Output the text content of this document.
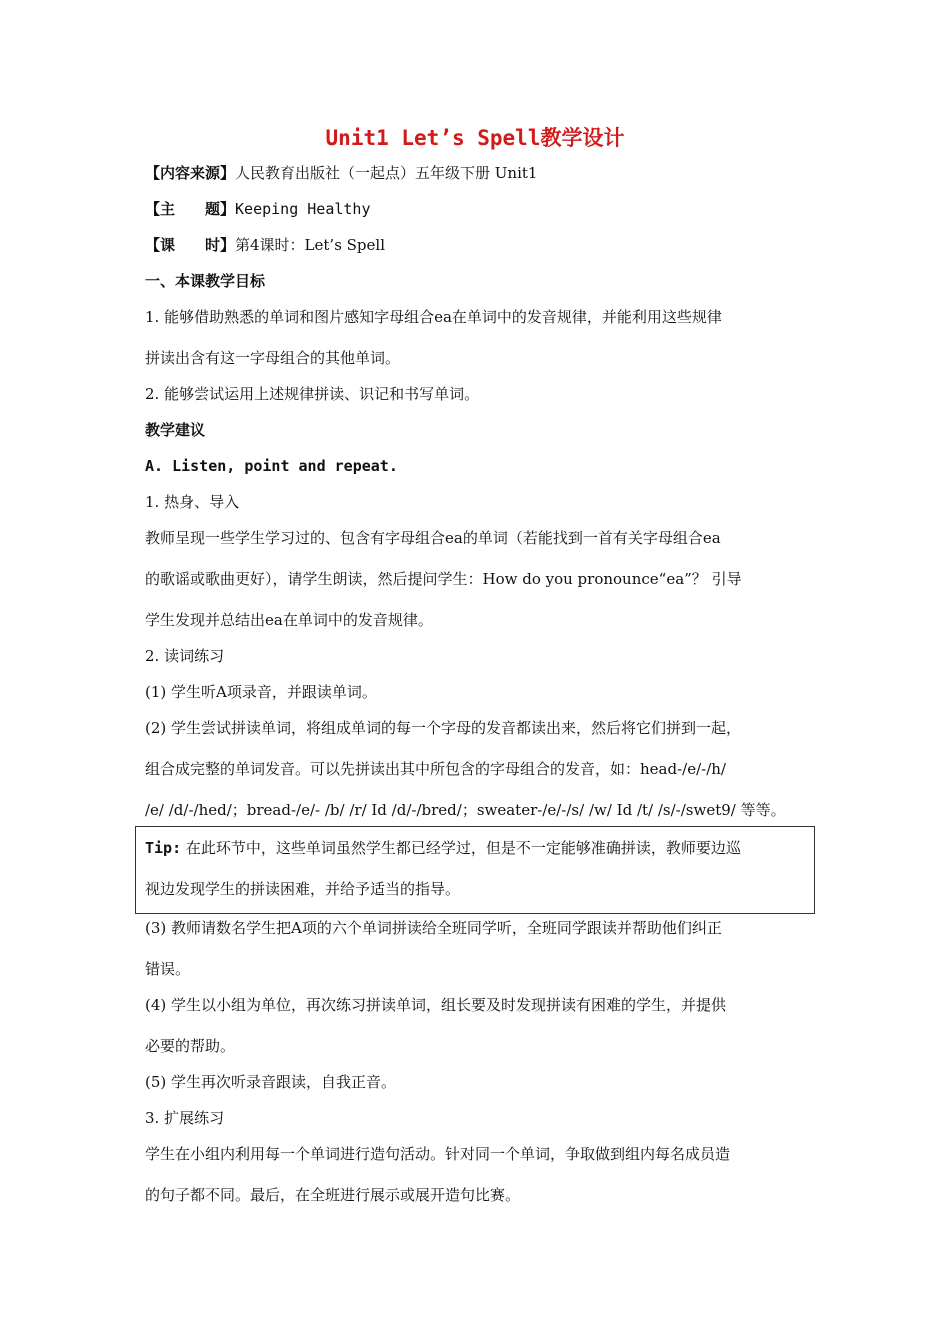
Unit1 Let’s Spell教学设计
【内容来源】人民教育出版社（一起点）五年级下册 Unit1
【主　　题】Keeping Healthy
【课　　时】第4课时：Let’s Spell
一、本课教学目标
1. 能够借助熟悉的单词和图片感知字母组合ea在单词中的发音规律，并能利用这些规律
拼读出含有这一字母组合的其他单词。
2. 能够尝试运用上述规律拼读、识记和书写单词。
教学建议
A. Listen, point and repeat.
1. 热身、导入
教师呈现一些学生学习过的、包含有字母组合ea的单词（若能找到一首有关字母组合ea
的歌谣或歌曲更好），请学生朗读，然后提问学生：How do you pronounce“ea”？ 引导
学生发现并总结出ea在单词中的发音规律。
2. 读词练习
(1) 学生听A项录音，并跟读单词。
(2) 学生尝试拼读单词，将组成单词的每一个字母的发音都读出来，然后将它们拼到一起，
组合成完整的单词发音。可以先拼读出其中所包含的字母组合的发音，如：head-/e/-/h/
/e/ /d/-/hed/；bread-/e/- /b/ /r/ Id /d/-/bred/；sweater-/e/-/s/ /w/ Id /t/ /s/-/swet9/ 等等。
Tip: 在此环节中，这些单词虽然学生都已经学过，但是不一定能够准确拼读，教师要边巡
视边发现学生的拼读困难，并给予适当的指导。
(3) 教师请数名学生把A项的六个单词拼读给全班同学听，全班同学跟读并帮助他们纠正
错误。
(4) 学生以小组为单位，再次练习拼读单词，组长要及时发现拼读有困难的学生，并提供
必要的帮助。
(5) 学生再次听录音跟读，自我正音。
3. 扩展练习
学生在小组内利用每一个单词进行造句活动。针对同一个单词，争取做到组内每名成员造
的句子都不同。最后，在全班进行展示或展开造句比赛。
